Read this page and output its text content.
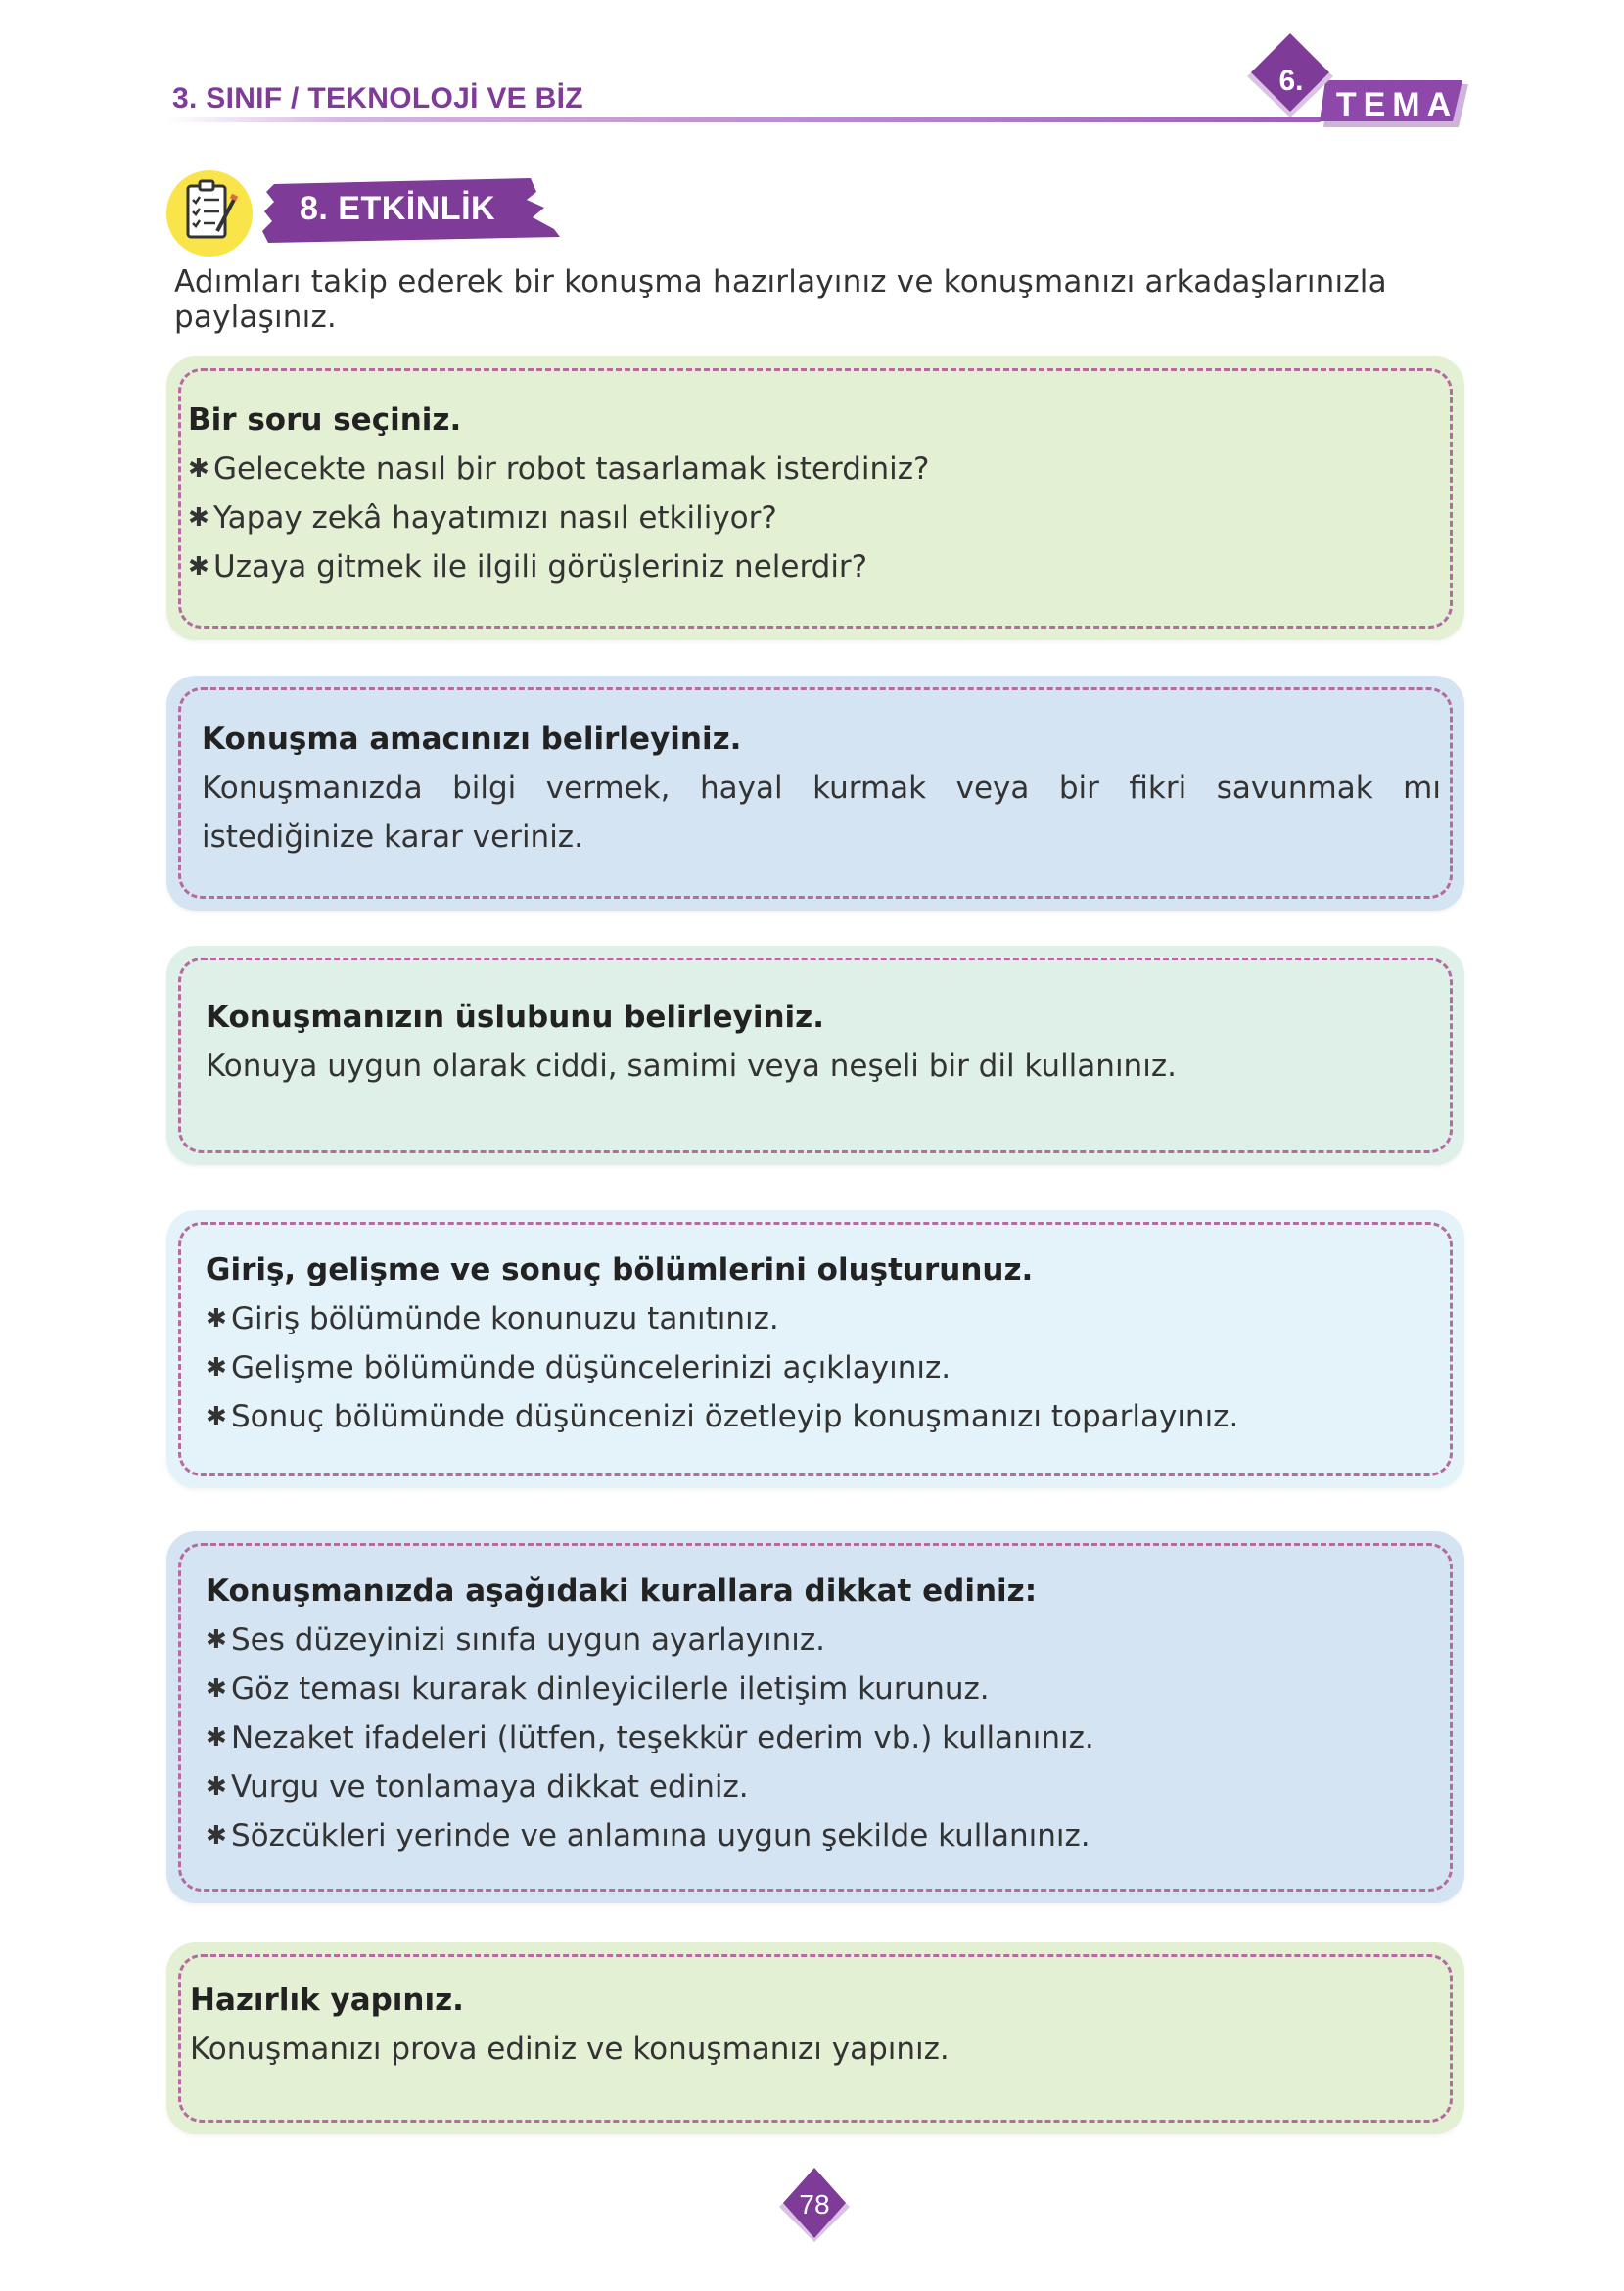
3. SINIF / TEKNOLOJİ VE BİZ
6.
TEMA
8. ETKİNLİK
Adımları takip ederek bir konuşma hazırlayınız ve konuşmanızı arkadaşlarınızla paylaşınız.
Bir soru seçiniz.
✱ Gelecekte nasıl bir robot tasarlamak isterdiniz?
✱ Yapay zekâ hayatımızı nasıl etkiliyor?
✱ Uzaya gitmek ile ilgili görüşleriniz nelerdir?
Konuşma amacınızı belirleyiniz.
Konuşmanızda bilgi vermek, hayal kurmak veya bir fikri savunmak mı istediğinize karar veriniz.
Konuşmanızın üslubunu belirleyiniz.
Konuya uygun olarak ciddi, samimi veya neşeli bir dil kullanınız.
Giriş, gelişme ve sonuç bölümlerini oluşturunuz.
✱ Giriş bölümünde konunuzu tanıtınız.
✱ Gelişme bölümünde düşüncelerinizi açıklayınız.
✱ Sonuç bölümünde düşüncenizi özetleyip konuşmanızı toparlayınız.
Konuşmanızda aşağıdaki kurallara dikkat ediniz:
✱ Ses düzeyinizi sınıfa uygun ayarlayınız.
✱ Göz teması kurarak dinleyicilerle iletişim kurunuz.
✱ Nezaket ifadeleri (lütfen, teşekkür ederim vb.) kullanınız.
✱ Vurgu ve tonlamaya dikkat ediniz.
✱ Sözcükleri yerinde ve anlamına uygun şekilde kullanınız.
Hazırlık yapınız.
Konuşmanızı prova ediniz ve konuşmanızı yapınız.
78
